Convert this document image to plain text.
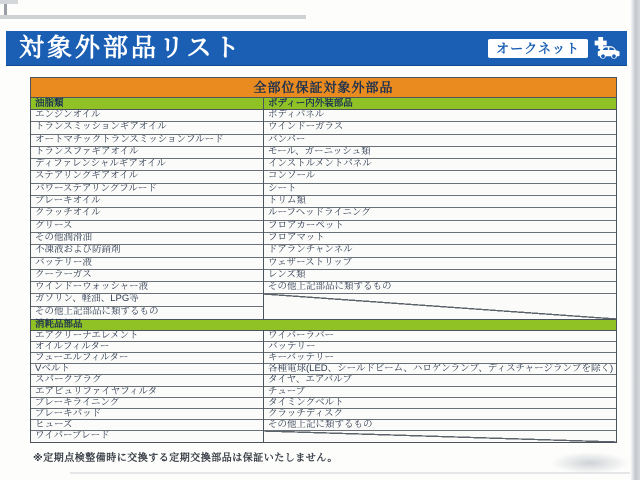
対象外部品リスト	オークネット
全部位保証対象外部品
油脂類	ボディー内外装部品
エンジンオイル
トランスミッションギアオイル
オートマチックトランスミッションフルード
トランスファギアオイル
ディファレンシャルギアオイル
ステアリングギアオイル
パワーステアリングフルード
ブレーキオイル
クラッチオイル
グリース
その他潤滑油
不凍液および防錆剤
バッテリー液
クーラーガス
ウインドーウォッシャー液
ガソリン、軽油、LPG等
その他上記部品に類するもの
ボディパネル
ウインドーガラス
バンパー
モール、ガーニッシュ類
インストルメントパネル
コンソール
シート
トリム類
ルーフヘッドライニング
フロアカーペット
フロアマット
ドアランチャンネル
ウェザーストリップ
レンズ類
その他上記部品に類するもの
消耗品部品
エアクリーナエレメント
オイルフィルター
フューエルフィルター
Vベルト
スパークプラグ
エアピュリファイヤフィルタ
ブレーキライニング
ブレーキパッド
ヒューズ
ワイパーブレード
ワイパーラバー
バッテリー
キーバッテリー
各種電球(LED、シールドビーム、ハロゲンランプ、ディスチャージランプを除く)
タイヤ、エアバルブ
チューブ
タイミングベルト
クラッチディスク
その他上記に類するもの
※定期点検整備時に交換する定期交換部品は保証いたしません。
